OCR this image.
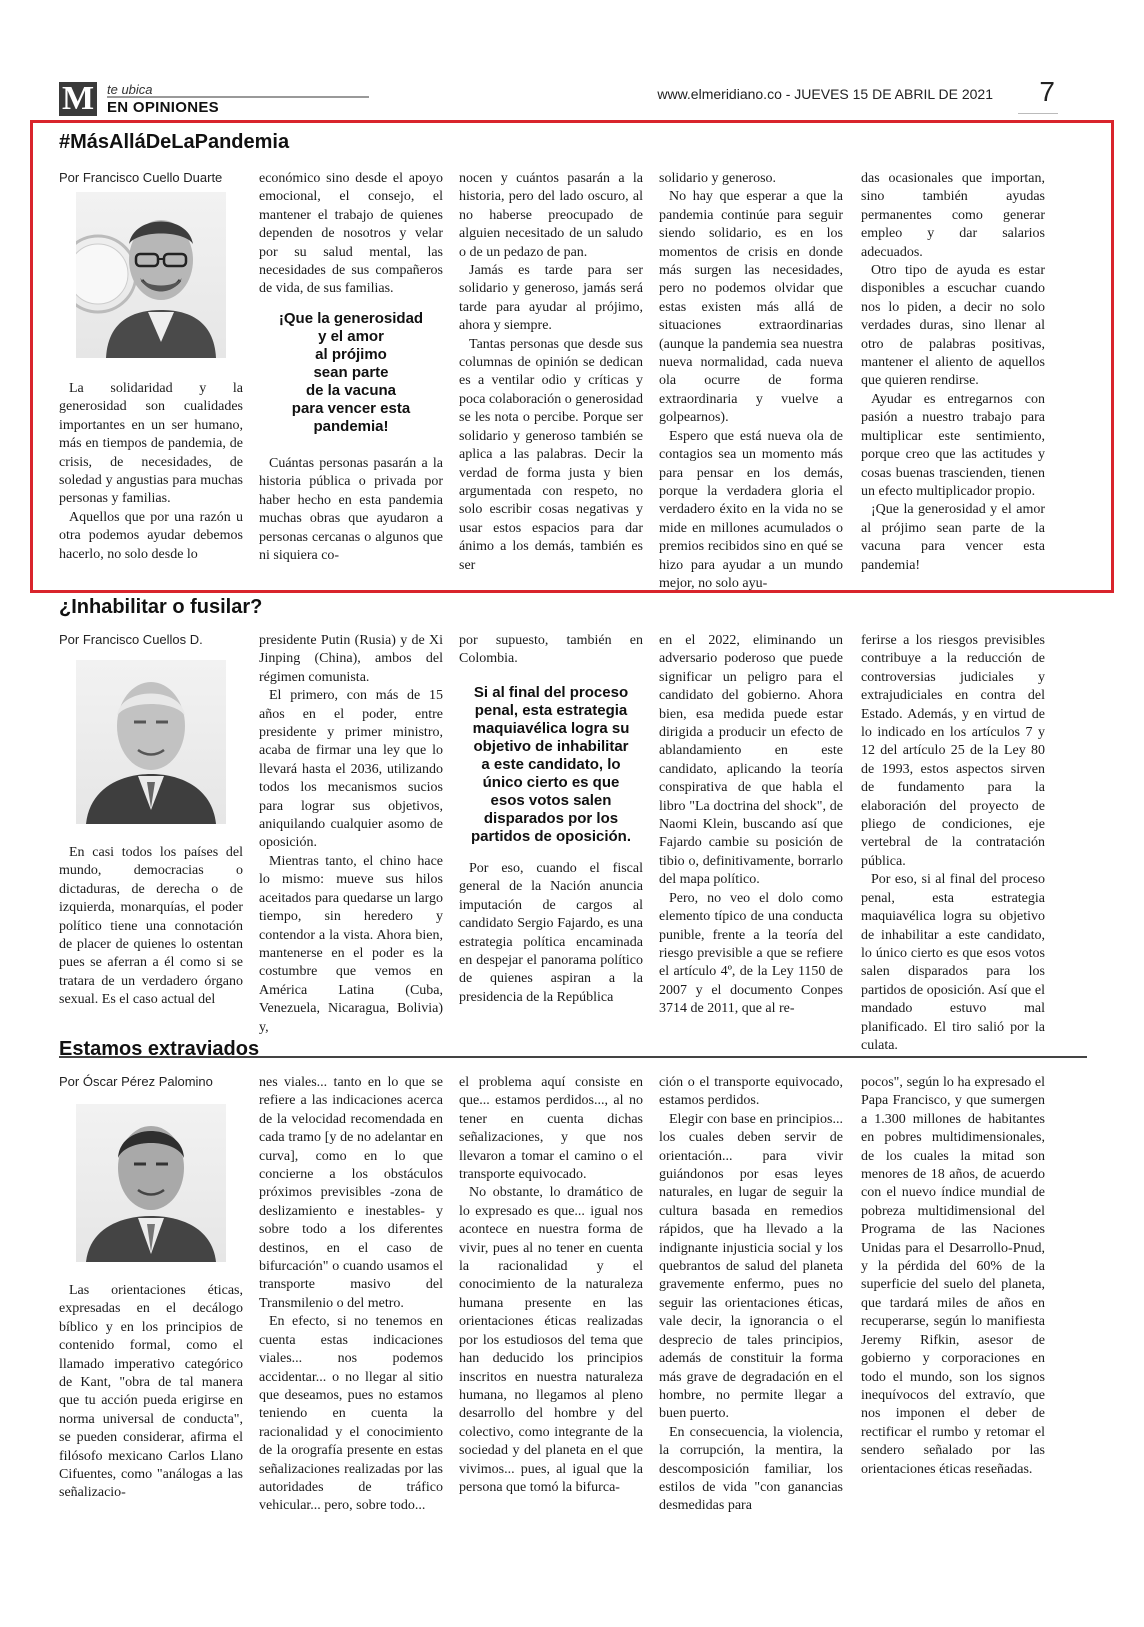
M te ubica
EN OPINIONES
www.elmeridiano.co - JUEVES 15 DE ABRIL DE 2021 7
#MásAlláDeLaPandemia
Por Francisco Cuello Duarte

La solidaridad y la generosidad son cualidades importantes en un ser humano, más en tiempos de pandemia, de crisis, de necesidades, de soledad y angustias para muchas personas y familias.

Aquellos que por una razón u otra podemos ayudar debemos hacerlo, no solo desde lo

económico sino desde el apoyo emocional, el consejo, el mantener el trabajo de quienes dependen de nosotros y velar por su salud mental, las necesidades de sus compañeros de vida, de sus familias.

¡Que la generosidad
y el amor
al prójimo
sean parte
de la vacuna
para vencer esta
pandemia!

Cuántas personas pasarán a la historia pública o privada por haber hecho en esta pandemia muchas obras que ayudaron a personas cercanas o algunos que ni siquiera co-

nocen y cuántos pasarán a la historia, pero del lado oscuro, al no haberse preocupado de alguien necesitado de un saludo o de un pedazo de pan.

Jamás es tarde para ser solidario y generoso, jamás será tarde para ayudar al prójimo, ahora y siempre.

Tantas personas que desde sus columnas de opinión se dedican es a ventilar odio y críticas y poca colaboración o generosidad se les nota o percibe. Porque ser solidario y generoso también se aplica a las palabras. Decir la verdad de forma justa y bien argumentada con respeto, no solo escribir cosas negativas y usar estos espacios para dar ánimo a los demás, también es ser

solidario y generoso.

No hay que esperar a que la pandemia continúe para seguir siendo solidario, es en los momentos de crisis en donde más surgen las necesidades, pero no podemos olvidar que estas existen más allá de situaciones extraordinarias (aunque la pandemia sea nuestra nueva normalidad, cada nueva ola ocurre de forma extraordinaria y vuelve a golpearnos).

Espero que está nueva ola de contagios sea un momento más para pensar en los demás, porque la verdadera gloria el verdadero éxito en la vida no se mide en millones acumulados o premios recibidos sino en qué se hizo para ayudar a un mundo mejor, no solo ayu-

das ocasionales que importan, sino también ayudas permanentes como generar empleo y dar salarios adecuados.

Otro tipo de ayuda es estar disponibles a escuchar cuando nos lo piden, a decir no solo verdades duras, sino llenar al otro de palabras positivas, mantener el aliento de aquellos que quieren rendirse.

Ayudar es entregarnos con pasión a nuestro trabajo para multiplicar este sentimiento, porque creo que las actitudes y cosas buenas trascienden, tienen un efecto multiplicador propio.

¡Que la generosidad y el amor al prójimo sean parte de la vacuna para vencer esta pandemia!

¿Inhabilitar o fusilar?
Por Francisco Cuellos D.

En casi todos los países del mundo, democracias o dictaduras, de derecha o de izquierda, monarquías, el poder político tiene una connotación de placer de quienes lo ostentan pues se aferran a él como si se tratara de un verdadero órgano sexual. Es el caso actual del

presidente Putin (Rusia) y de Xi Jinping (China), ambos del régimen comunista.

El primero, con más de 15 años en el poder, entre presidente y primer ministro, acaba de firmar una ley que lo llevará hasta el 2036, utilizando todos los mecanismos sucios para lograr sus objetivos, aniquilando cualquier asomo de oposición.

Mientras tanto, el chino hace lo mismo: mueve sus hilos aceitados para quedarse un largo tiempo, sin heredero y contendor a la vista. Ahora bien, mantenerse en el poder es la costumbre que vemos en América Latina (Cuba, Venezuela, Nicaragua, Bolivia) y,

por supuesto, también en Colombia.

Si al final del proceso
penal, esta estrategia
maquiavélica logra su
objetivo de inhabilitar
a este candidato, lo
único cierto es que
esos votos salen
disparados por los
partidos de oposición.

Por eso, cuando el fiscal general de la Nación anuncia imputación de cargos al candidato Sergio Fajardo, es una estrategia política encaminada en despejar el panorama político de quienes aspiran a la presidencia de la República

en el 2022, eliminando un adversario poderoso que puede significar un peligro para el candidato del gobierno. Ahora bien, esa medida puede estar dirigida a producir un efecto de ablandamiento en este candidato, aplicando la teoría conspirativa de que habla el libro "La doctrina del shock", de Naomi Klein, buscando así que Fajardo cambie su posición de tibio o, definitivamente, borrarlo del mapa político.

Pero, no veo el dolo como elemento típico de una conducta punible, frente a la teoría del riesgo previsible a que se refiere el artículo 4º, de la Ley 1150 de 2007 y el documento Conpes 3714 de 2011, que al re-

ferirse a los riesgos previsibles contribuye a la reducción de controversias judiciales y extrajudiciales en contra del Estado. Además, y en virtud de lo indicado en los artículos 7 y 12 del artículo 25 de la Ley 80 de 1993, estos aspectos sirven de fundamento para la elaboración del proyecto de pliego de condiciones, eje vertebral de la contratación pública.

Por eso, si al final del proceso penal, esta estrategia maquiavélica logra su objetivo de inhabilitar a este candidato, lo único cierto es que esos votos salen disparados para los partidos de oposición. Así que el mandado estuvo mal planificado. El tiro salió por la culata.

Estamos extraviados
Por Óscar Pérez Palomino

Las orientaciones éticas, expresadas en el decálogo bíblico y en los principios de contenido formal, como el llamado imperativo categórico de Kant, "obra de tal manera que tu acción pueda erigirse en norma universal de conducta", se pueden considerar, afirma el filósofo mexicano Carlos Llano Cifuentes, como "análogas a las señalizacio-

nes viales... tanto en lo que se refiere a las indicaciones acerca de la velocidad recomendada en cada tramo [y de no adelantar en curva], como en lo que concierne a los obstáculos próximos previsibles -zona de deslizamiento e inestables- y sobre todo a los diferentes destinos, en el caso de bifurcación" o cuando usamos el transporte masivo del Transmilenio o del metro.

En efecto, si no tenemos en cuenta estas indicaciones viales... nos podemos accidentar... o no llegar al sitio que deseamos, pues no estamos teniendo en cuenta la racionalidad y el conocimiento de la orografía presente en estas señalizaciones realizadas por las autoridades de tráfico vehicular... pero, sobre todo...

el problema aquí consiste en que... estamos perdidos..., al no tener en cuenta dichas señalizaciones, y que nos llevaron a tomar el camino o el transporte equivocado.

No obstante, lo dramático de lo expresado es que... igual nos acontece en nuestra forma de vivir, pues al no tener en cuenta la racionalidad y el conocimiento de la naturaleza humana presente en las orientaciones éticas realizadas por los estudiosos del tema que han deducido los principios inscritos en nuestra naturaleza humana, no llegamos al pleno desarrollo del hombre y del colectivo, como integrante de la sociedad y del planeta en el que vivimos... pues, al igual que la persona que tomó la bifurca-

ción o el transporte equivocado, estamos perdidos.

Elegir con base en principios... los cuales deben servir de orientación... para vivir guiándonos por esas leyes naturales, en lugar de seguir la cultura basada en remedios rápidos, que ha llevado a la indignante injusticia social y los quebrantos de salud del planeta gravemente enfermo, pues no seguir las orientaciones éticas, vale decir, la ignorancia o el desprecio de tales principios, además de constituir la forma más grave de degradación en el hombre, no permite llegar a buen puerto.

En consecuencia, la violencia, la corrupción, la mentira, la descomposición familiar, los estilos de vida "con ganancias desmedidas para

pocos", según lo ha expresado el Papa Francisco, y que sumergen a 1.300 millones de habitantes en pobres multidimensionales, de los cuales la mitad son menores de 18 años, de acuerdo con el nuevo índice mundial de pobreza multidimensional del Programa de las Naciones Unidas para el Desarrollo-Pnud, y la pérdida del 60% de la superficie del suelo del planeta, que tardará miles de años en recuperarse, según lo manifiesta Jeremy Rifkin, asesor de gobierno y corporaciones en todo el mundo, son los signos inequívocos del extravío, que nos imponen el deber de rectificar el rumbo y retomar el sendero señalado por las orientaciones éticas reseñadas.
